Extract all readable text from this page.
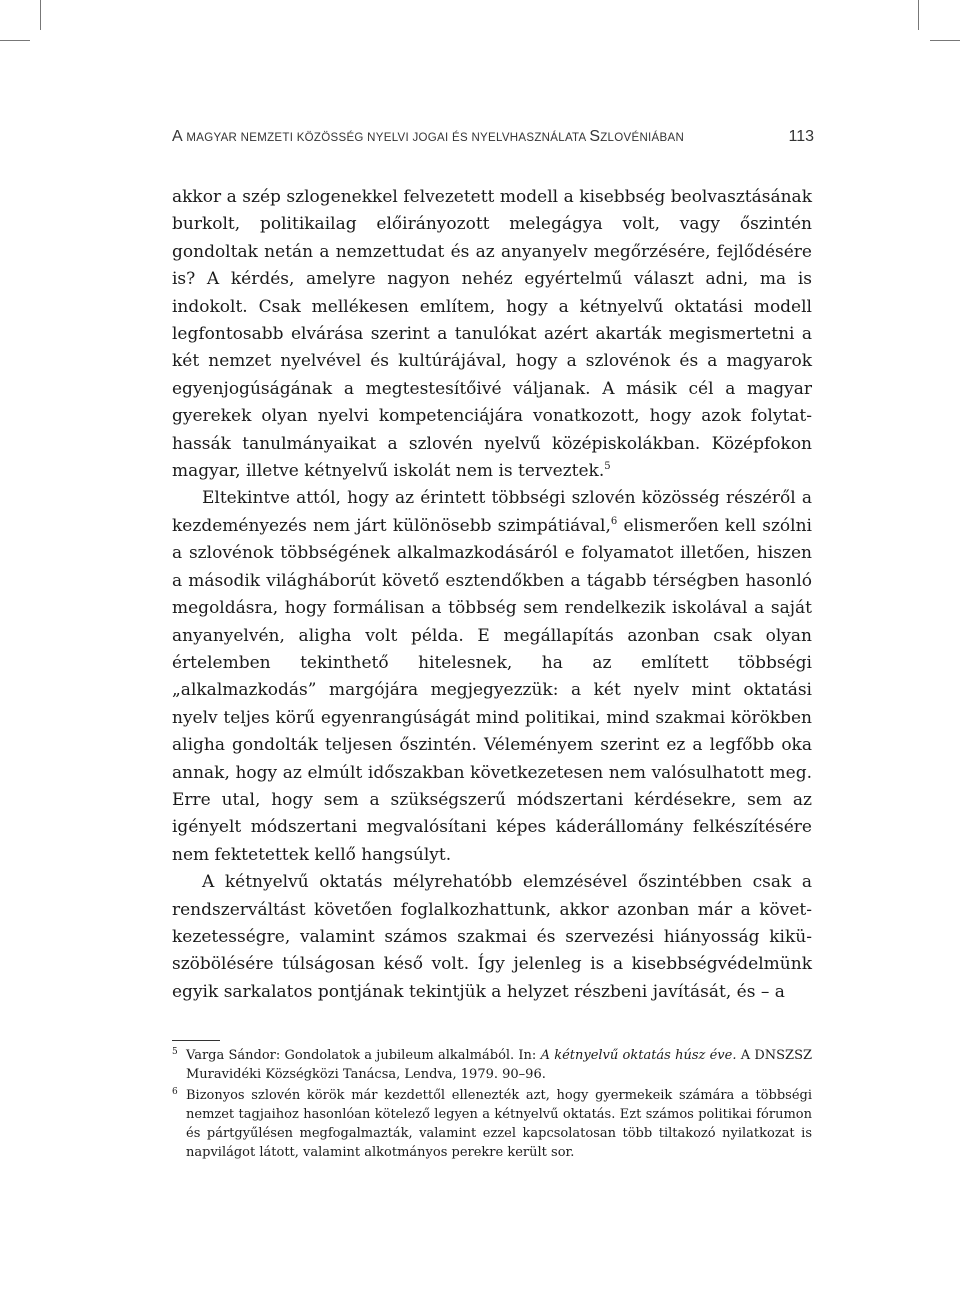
A MAGYAR NEMZETI KÖZÖSSÉG NYELVI JOGAI ÉS NYELVHASZNÁLATA SZLOVÉNIÁBAN	113

akkor a szép szlogenekkel felvezetett modell a kisebbség beolvasztásának burkolt, politikailag előirányozott melegágya volt, vagy őszintén gondoltak netán a nemzettudat és az anyanyelv megőrzésére, fejlődésére is? A kérdés, amelyre nagyon nehéz egyértelmű választ adni, ma is indokolt. Csak mellékesen említem, hogy a kétnyelvű oktatási modell legfontosabb elvárása szerint a tanulókat azért akarták megismertetni a két nemzet nyelvével és kultúrájával, hogy a szlovénok és a magyarok egyenjogúságának a megtestesítőivé váljanak. A másik cél a magyar gyerekek olyan nyelvi kompetenciájára vonatkozott, hogy azok folytathassák tanulmányaikat a szlovén nyelvű középiskolákban. Középfokon magyar, illetve kétnyelvű iskolát nem is terveztek.$^5$

Eltekintve attól, hogy az érintett többségi szlovén közösség részéről a kezdeményezés nem járt különösebb szimpátiával,$^6$ elismerően kell szólni a szlovénok többségének alkalmazkodásáról e folyamatot illetően, hiszen a második világháborút követő esztendőkben a tágabb térségben hasonló megoldásra, hogy formálisan a többség sem rendelkezik iskolával a saját anyanyelvén, aligha volt példa. E megállapítás azonban csak olyan értelemben tekinthető hitelesnek, ha az említett többségi „alkalmazkodás” margójára megjegyezzük: a két nyelv mint oktatási nyelv teljes körű egyenrangúságát mind politikai, mind szakmai körökben aligha gondolták teljesen őszintén. Véleményem szerint ez a legfőbb oka annak, hogy az elmúlt időszakban következetesen nem valósulhatott meg. Erre utal, hogy sem a szükségszerű módszertani kérdésekre, sem az igényelt módszertani megvalósítani képes káderállomány felkészítésére nem fektetettek kellő hangsúlyt.

A kétnyelvű oktatás mélyrehatóbb elemzésével őszintébben csak a rendszerváltást követően foglalkozhattunk, akkor azonban már a következetességre, valamint számos szakmai és szervezési hiányosság kiküszöbölésére túlságosan késő volt. Így jelenleg is a kisebbségvédelmünk egyik sarkalatos pontjának tekintjük a helyzet részbeni javítását, és – a

5 Varga Sándor: Gondolatok a jubileum alkalmából. In: A kétnyelvű oktatás húsz éve. A DNSZSZ Muravidéki Községközi Tanácsa, Lendva, 1979. 90–96.
6 Bizonyos szlovén körök már kezdettől ellenezték azt, hogy gyermekeik számára a többségi nemzet tagjaihoz hasonlóan kötelező legyen a kétnyelvű oktatás. Ezt számos politikai fórumon és pártgyűlésen megfogalmazták, valamint ezzel kapcsolatosan több tiltakozó nyilatkozat is napvilágot látott, valamint alkotmányos perekre került sor.
